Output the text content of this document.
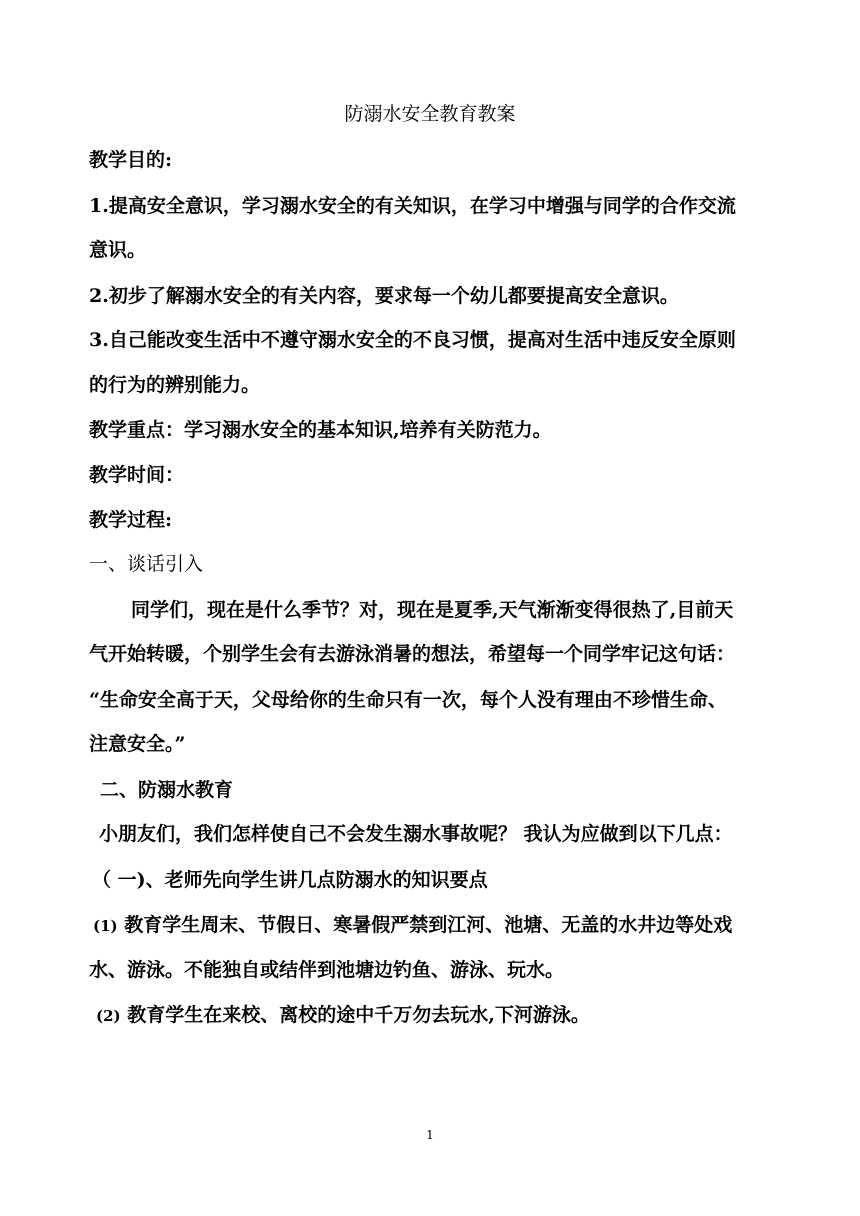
防溺水安全教育教案
教学目的:
1.提高安全意识，学习溺水安全的有关知识，在学习中增强与同学的合作交流
意识。
2.初步了解溺水安全的有关内容，要求每一个幼儿都要提高安全意识。
3.自己能改变生活中不遵守溺水安全的不良习惯，提高对生活中违反安全原则
的行为的辨别能力。
教学重点：学习溺水安全的基本知识,培养有关防范力。
教学时间：
教学过程:
一、谈话引入
同学们，现在是什么季节？对，现在是夏季,天气渐渐变得很热了,目前天
气开始转暖，个别学生会有去游泳消暑的想法，希望每一个同学牢记这句话：
“生命安全高于天，父母给你的生命只有一次，每个人没有理由不珍惜生命、
注意安全。”
二、防溺水教育
小朋友们，我们怎样使自己不会发生溺水事故呢？ 我认为应做到以下几点：
（ 一)、老师先向学生讲几点防溺水的知识要点
(1) 教育学生周末、节假日、寒暑假严禁到江河、池塘、无盖的水井边等处戏
水、游泳。不能独自或结伴到池塘边钓鱼、游泳、玩水。
(2) 教育学生在来校、离校的途中千万勿去玩水,下河游泳。
1
